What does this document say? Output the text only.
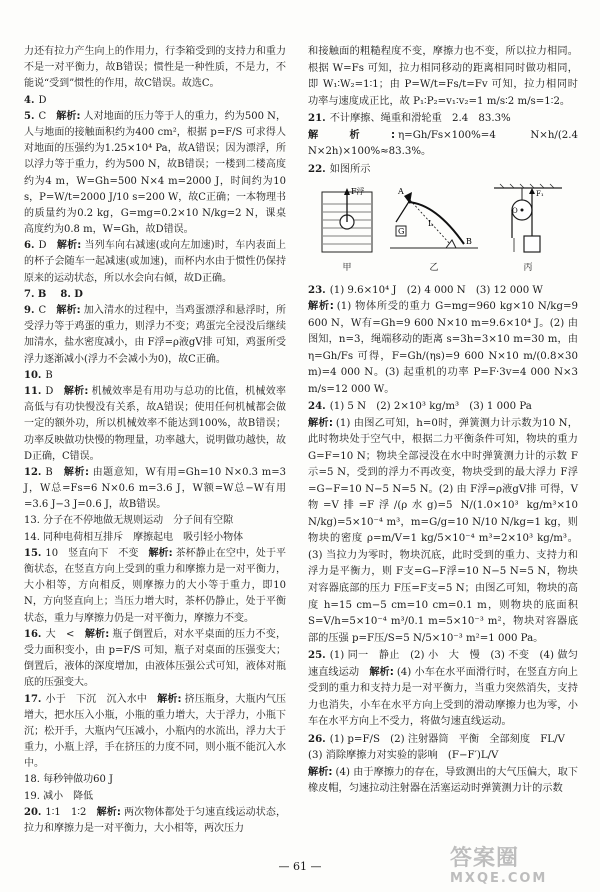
力还有拉力产生向上的作用力，行李箱受到的支持力和重力不是一对平衡力，故B错误；惯性是一种性质，不是力，不能说“受到”惯性的作用，故C错误。故选C。

4. D

5. C　 解析: 人对地面的压力等于人的重力，约为500 N，人与地面的接触面积约为400 cm²，根据 p=F/S 可求得人对地面的压强约为1.25×10⁴ Pa，故A错误；因为漂浮，所以浮力等于重力，约为500 N，故B错误；一楼到二楼高度约为4 m，W=Gh=500 N×4 m=2000 J，时间约为10 s，P=W/t=2000 J/10 s=200 W，故C正确；一本物理书的质量约为0.2 kg，G=mg=0.2×10 N/kg=2 N，课桌高度约为0.8 m，W=Gh，故D错误。

6. D　 解析: 当列车向右减速(或向左加速)时，车内表面上的杯子会随车一起减速(或加速)，而杯内水由于惯性仍保持原来的运动状态，所以水会向右倾，故D正确。

7. B　 8. D

9. C　 解析: 加入清水的过程中，当鸡蛋漂浮和悬浮时，所受浮力等于鸡蛋的重力，则浮力不变；鸡蛋完全浸没后继续加清水，盐水密度减小，由 F浮=ρ液gV排 可知，鸡蛋所受浮力逐渐减小(浮力不会减小为0)，故C正确。

10. B

11. D　 解析: 机械效率是有用功与总功的比值，机械效率高低与有功快慢没有关系，故A错误；使用任何机械都会做一定的额外功，所以机械效率不能达到100%，故B错误；功率反映做功快慢的物理量，功率越大，说明做功越快，故D正确，C错误。

12. B　 解析: 由题意知，W有用=Gh=10 N×0.3 m=3 J，W总=Fs=6 N×0.6 m=3.6 J，W额=W总−W有用=3.6 J−3 J=0.6 J，故B错误。

13. 分子在不停地做无规则运动　分子间有空隙

14. 同种电荷相互排斥　摩擦起电　吸引轻小物体

15. 10　竖直向下　不变　 解析: 茶杯静止在空中，处于平衡状态，在竖直方向上受到的重力和摩擦力是一对平衡力，大小相等，方向相反，则摩擦力的大小等于重力，即10 N，方向竖直向上；当压力增大时，茶杯仍静止，处于平衡状态，重力与摩擦力仍是一对平衡力，摩擦力不变。

16. 大　<　 解析: 瓶子倒置后，对水平桌面的压力不变，受力面积变小，由 p=F/S 可知，瓶子对桌面的压强变大；倒置后，液体的深度增加，由液体压强公式可知，液体对瓶底的压强变大。

17. 小于　下沉　沉入水中　 解析: 挤压瓶身，大瓶内气压增大，把水压入小瓶，小瓶的重力增大，大于浮力，小瓶下沉；松开手，大瓶内气压减小，小瓶内的水流出，浮力大于重力，小瓶上浮，手在挤压的力度不同，则小瓶不能沉入水中。

18. 每秒钟做功60 J

19. 减小　降低

20. 1∶1　1∶2　 解析: 两次物体都处于匀速直线运动状态，拉力和摩擦力是一对平衡力，大小相等，两次压力

和接触面的粗糙程度不变，摩擦力也不变，所以拉力相同。根据 W=Fs 可知，拉力相同移动的距离相同时做功相同，即 W₁∶W₂=1∶1；由 P=W/t=Fs/t=Fv 可知，拉力相同时功率与速度成正比，故 P₁∶P₂=v₁∶v₂=1 m/s∶2 m/s=1∶2。

21. 不计摩擦、绳重和滑轮重　2.4　83.3%
解析: η=Gh/Fs×100%=4 N×h/(2.4 N×2h)×100%≈83.3%。

22. 如图所示

F浮
甲
G
A
L
B
乙
O
F₁
丙

23. (1) 9.6×10⁴ J　(2) 4 000 N　(3) 12 000 W
解析: (1) 物体所受的重力 G=mg=960 kg×10 N/kg=9 600 N，W有=Gh=9 600 N×10 m=9.6×10⁴ J。(2) 由图知，n=3，绳端移动的距离 s=3h=3×10 m=30 m，由 η=Gh/Fs 可得，F=Gh/(ηs)=9 600 N×10 m/(0.8×30 m)=4 000 N。(3) 起重机的功率 P=F·3v=4 000 N×3 m/s=12 000 W。

24. (1) 5 N　(2) 2×10³ kg/m³　(3) 1 000 Pa
解析: (1) 由图乙可知，h=0时，弹簧测力计示数为10 N，此时物块处于空气中，根据二力平衡条件可知，物块的重力 G=F=10 N；物块全部浸没在水中时弹簧测力计的示数 F示=5 N，受到的浮力不再改变，物块受到的最大浮力 F浮=G−F=10 N−5 N=5 N。(2) 由 F浮=ρ液gV排 可得，V物=V排=F浮/(ρ水g)=5 N/(1.0×10³ kg/m³×10 N/kg)=5×10⁻⁴ m³，m=G/g=10 N/10 N/kg=1 kg，则物块的密度 ρ=m/V=1 kg/5×10⁻⁴ m³=2×10³ kg/m³。(3) 当拉力为零时，物块沉底，此时受到的重力、支持力和浮力是平衡力，则 F支=G−F浮=10 N−5 N=5 N，物块对容器底部的压力 F压=F支=5 N；由图乙可知，物块的高度 h=15 cm−5 cm=10 cm=0.1 m，则物块的底面积 S=V/h=5×10⁻⁴ m³/0.1 m=5×10⁻³ m²，物块对容器底部的压强 p=F压/S=5 N/5×10⁻³ m²=1 000 Pa。

25. (1) 同一　静止　(2) 小　大　慢　(3) 不变　(4) 做匀速直线运动　 解析: (4) 小车在水平面滑行时，在竖直方向上受到的重力和支持力是一对平衡力，当重力突然消失，支持力也消失，小车在水平方向上受到的滑动摩擦力也为零，小车在水平方向上不受力，将做匀速直线运动。

26. (1) p=F/S　(2) 注射器筒　平衡　全部刻度　FL/V
(3) 消除摩擦力对实验的影响　(F−F′)L/V
解析: (4) 由于摩擦力的存在，导致测出的大气压偏大，取下橡皮帽，匀速拉动注射器在活塞运动时弹簧测力计的示数

— 61 —	答案圈
MXQE.COM
